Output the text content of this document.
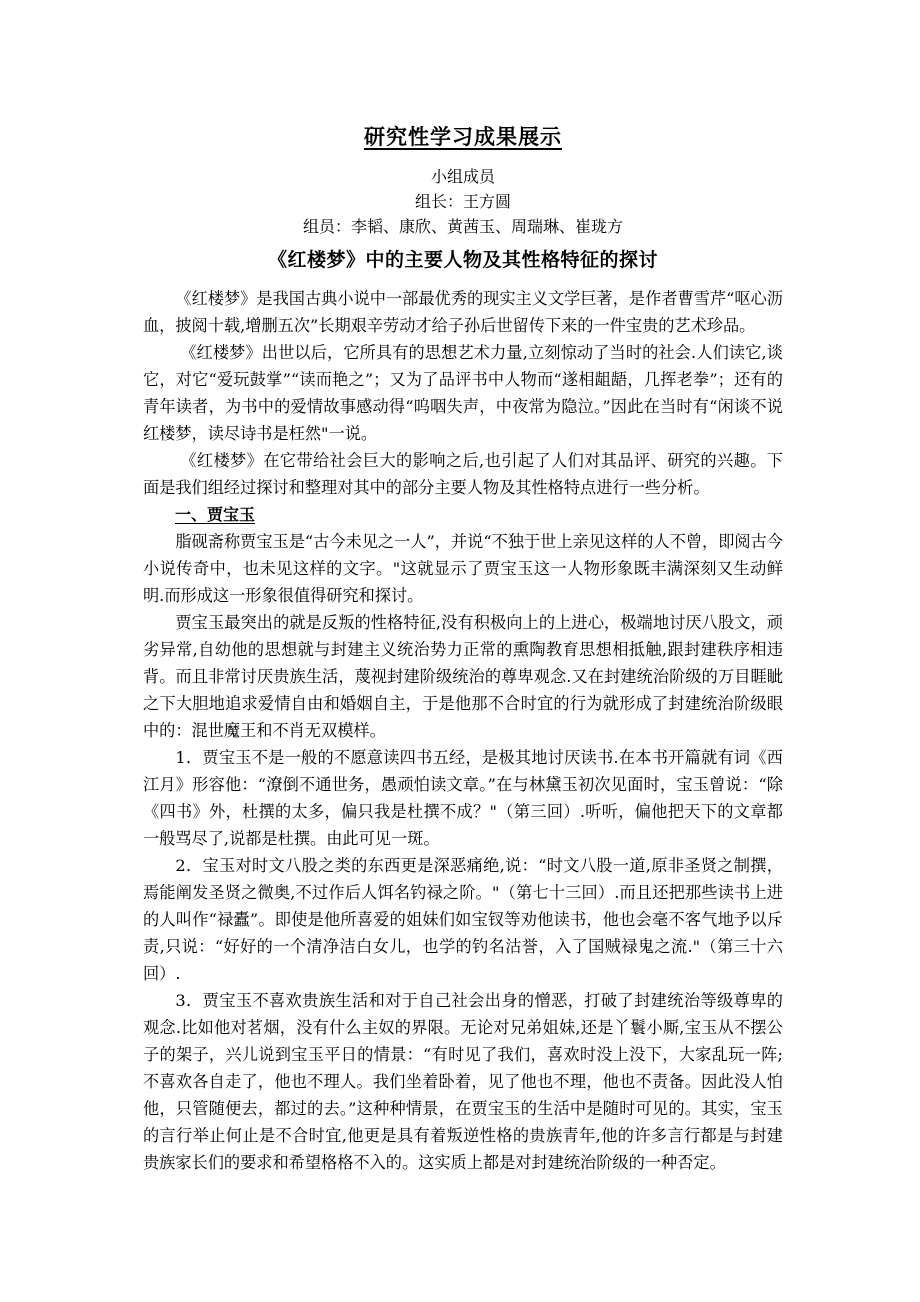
研究性学习成果展示
小组成员
组长：王方圆
组员：李韬、康欣、黄茜玉、周瑞琳、崔珑方
《红楼梦》中的主要人物及其性格特征的探讨

《红楼梦》是我国古典小说中一部最优秀的现实主义文学巨著，是作者曹雪芹“呕心沥血，披阅十载,增删五次”长期艰辛劳动才给子孙后世留传下来的一件宝贵的艺术珍品。

《红楼梦》出世以后，它所具有的思想艺术力量,立刻惊动了当时的社会.人们读它,谈它，对它“爱玩鼓掌”“读而艳之”；又为了品评书中人物而“遂相龃龉，几挥老拳”；还有的青年读者，为书中的爱情故事感动得“呜咽失声，中夜常为隐泣。”因此在当时有“闲谈不说红楼梦，读尽诗书是枉然"一说。

《红楼梦》在它带给社会巨大的影响之后,也引起了人们对其品评、研究的兴趣。下面是我们组经过探讨和整理对其中的部分主要人物及其性格特点进行一些分析。

一、贾宝玉

脂砚斋称贾宝玉是“古今未见之一人”，并说“不独于世上亲见这样的人不曾，即阅古今小说传奇中，也未见这样的文字。"这就显示了贾宝玉这一人物形象既丰满深刻又生动鲜明.而形成这一形象很值得研究和探讨。

贾宝玉最突出的就是反叛的性格特征,没有积极向上的上进心，极端地讨厌八股文，顽劣异常,自幼他的思想就与封建主义统治势力正常的熏陶教育思想相抵触,跟封建秩序相违背。而且非常讨厌贵族生活，蔑视封建阶级统治的尊卑观念.又在封建统治阶级的万目睚眦之下大胆地追求爱情自由和婚姻自主，于是他那不合时宜的行为就形成了封建统治阶级眼中的：混世魔王和不肖无双模样。

1．贾宝玉不是一般的不愿意读四书五经，是极其地讨厌读书.在本书开篇就有词《西江月》形容他：“潦倒不通世务，愚顽怕读文章。”在与林黛玉初次见面时，宝玉曾说：“除《四书》外，杜撰的太多，偏只我是杜撰不成？"（第三回）.听听，偏他把天下的文章都一般骂尽了,说都是杜撰。由此可见一斑。

2．宝玉对时文八股之类的东西更是深恶痛绝,说：“时文八股一道,原非圣贤之制撰，焉能阐发圣贤之微奥,不过作后人饵名钓禄之阶。"（第七十三回）.而且还把那些读书上进的人叫作“禄蠹”。即使是他所喜爱的姐妹们如宝钗等劝他读书，他也会毫不客气地予以斥责,只说：“好好的一个清净洁白女儿，也学的钓名沽誉，入了国贼禄鬼之流."（第三十六回）.

3．贾宝玉不喜欢贵族生活和对于自己社会出身的憎恶，打破了封建统治等级尊卑的观念.比如他对茗烟，没有什么主奴的界限。无论对兄弟姐妹,还是丫鬟小厮,宝玉从不摆公子的架子，兴儿说到宝玉平日的情景：“有时见了我们，喜欢时没上没下，大家乱玩一阵;不喜欢各自走了，他也不理人。我们坐着卧着，见了他也不理，他也不责备。因此没人怕他，只管随便去，都过的去。”这种种情景，在贾宝玉的生活中是随时可见的。其实，宝玉的言行举止何止是不合时宜,他更是具有着叛逆性格的贵族青年,他的许多言行都是与封建贵族家长们的要求和希望格格不入的。这实质上都是对封建统治阶级的一种否定。
